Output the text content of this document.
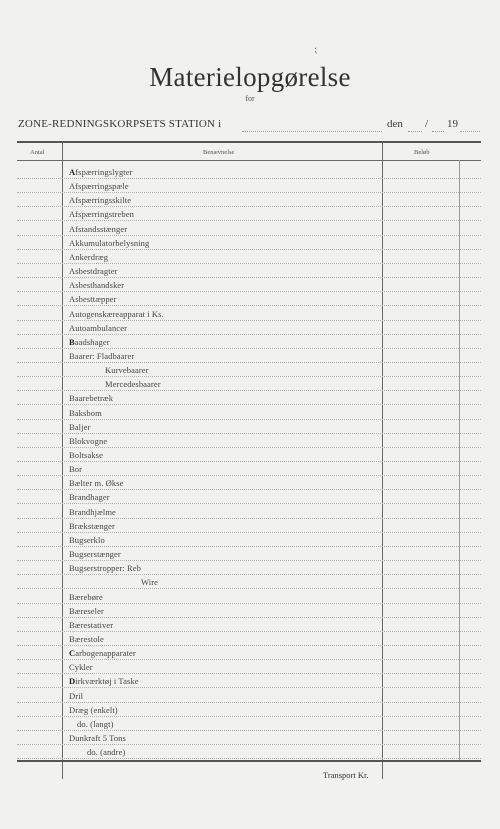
⁏
Materielopgørelse
for
ZONE-REDNINGSKORPSETS STATION i	den / 19
Antal	Benævnelse	Beløb
Afspærringslygter
Afspærringspæle
Afspærringsskilte
Afspærringstreben
Afstandsstænger
Akkumulatorbelysning
Ankerdræg
Asbestdragter
Asbesthandsker
Asbesttæpper
Autogenskæreapparat i Ks.
Autoambulancer
Baadshager
Baarer: Fladbaarer
Kurvebaarer
Mercedesbaarer
Baarebetræk
Baksbom
Baljer
Blokvogne
Boltsakse
Bor
Bælter m. Økse
Brandhager
Brandhjælme
Brækstænger
Bugserklo
Bugserstænger
Bugserstropper: Reb
Wire
Bærebøre
Bæreseler
Bærestativer
Bærestole
Carbogenapparater
Cykler
Dirkværktøj i Taske
Dril
Dræg (enkelt)
do. (langt)
Dunkraft 5 Tons
do. (andre)
Transport Kr.
